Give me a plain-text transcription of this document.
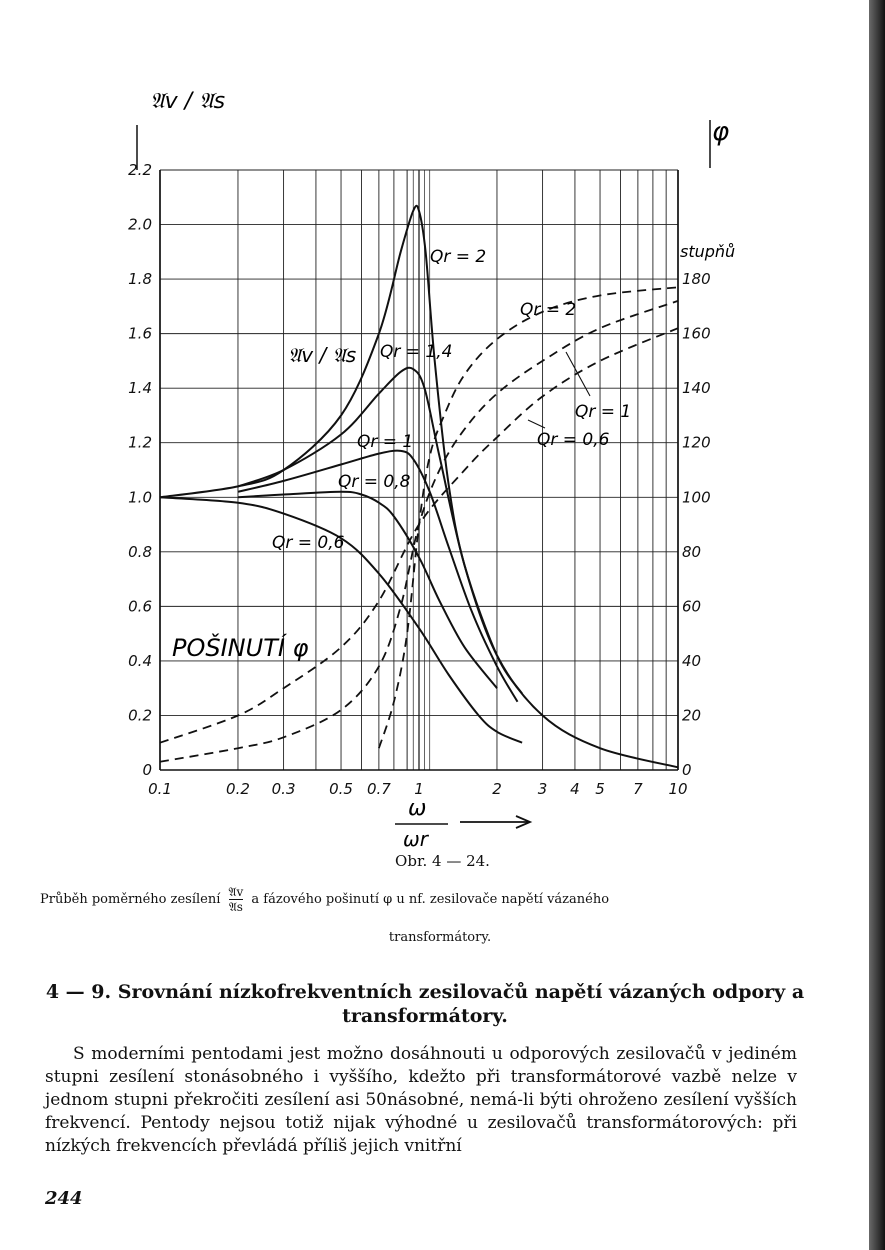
0.1	0.2 0.3 0.5 0.7 1	2 3 4 5 7 10
0
0.2
0.4
0.6
0.8
1.0
1.2
1.4
1.6
1.8
2.0
2.2
0
20
40
60
80
100
120
140
160
180
𝔄v / 𝔄s
φ
stupňů
ω
ωr
𝔄v / 𝔄s
POŠINUTÍ φ
Qr = 2
Qr = 1,4
Qr = 1
Qr = 0,8
Qr = 0,6
Qr = 2
Qr = 1
Qr = 0,6
Obr. 4 — 24.
Průběh poměrného zesílení $\frac{\text{𝔄v}}{\text{𝔄s}}$ a fázového pošinutí φ u nf. zesilovače napětí vázaného
transformátory.
4 — 9. Srovnání nízkofrekventních zesilovačů napětí vázaných odpory a transformátory.

S moderními pentodami jest možno dosáhnouti u odporových zesilovačů v jediném stupni zesílení stonásobného i vyššího, kdežto při transformátorové vazbě nelze v jednom stupni překročiti zesílení asi 50násobné, nemá-li býti ohroženo zesílení vyšších frekvencí. Pentody nejsou totiž nijak výhodné u zesilovačů transformátorových: při nízkých frekvencích převládá příliš jejich vnitřní

244
